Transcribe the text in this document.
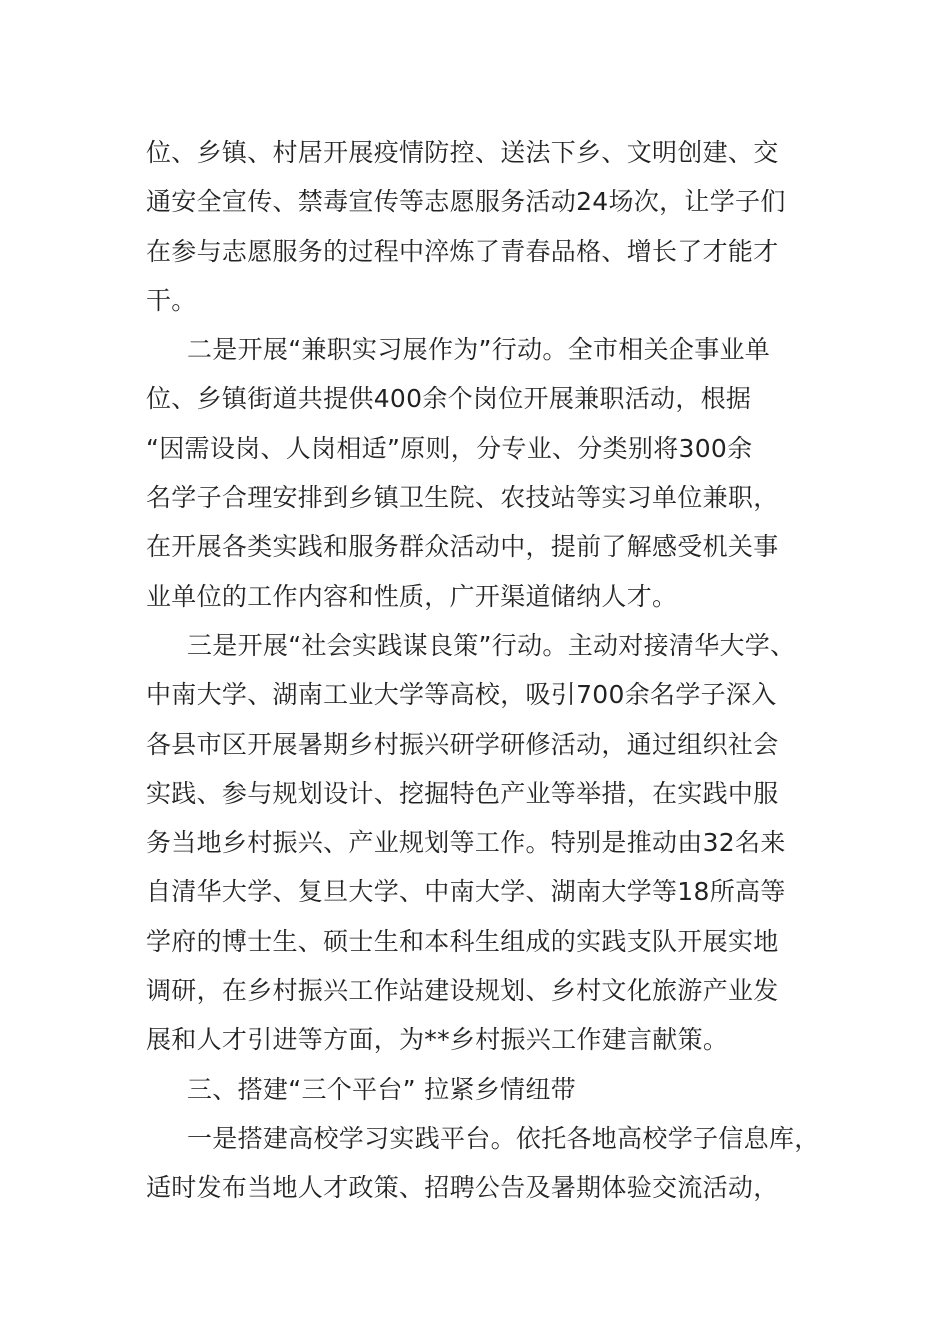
位、乡镇、村居开展疫情防控、送法下乡、文明创建、交
通安全宣传、禁毒宣传等志愿服务活动24场次，让学子们
在参与志愿服务的过程中淬炼了青春品格、增长了才能才
干。
二是开展“兼职实习展作为”行动。全市相关企事业单
位、乡镇街道共提供400余个岗位开展兼职活动，根据
“因需设岗、人岗相适”原则，分专业、分类别将300余
名学子合理安排到乡镇卫生院、农技站等实习单位兼职，
在开展各类实践和服务群众活动中，提前了解感受机关事
业单位的工作内容和性质，广开渠道储纳人才。
三是开展“社会实践谋良策”行动。主动对接清华大学、
中南大学、湖南工业大学等高校，吸引700余名学子深入
各县市区开展暑期乡村振兴研学研修活动，通过组织社会
实践、参与规划设计、挖掘特色产业等举措，在实践中服
务当地乡村振兴、产业规划等工作。特别是推动由32名来
自清华大学、复旦大学、中南大学、湖南大学等18所高等
学府的博士生、硕士生和本科生组成的实践支队开展实地
调研，在乡村振兴工作站建设规划、乡村文化旅游产业发
展和人才引进等方面，为**乡村振兴工作建言献策。
三、搭建“三个平台” 拉紧乡情纽带
一是搭建高校学习实践平台。依托各地高校学子信息库，
适时发布当地人才政策、招聘公告及暑期体验交流活动，
